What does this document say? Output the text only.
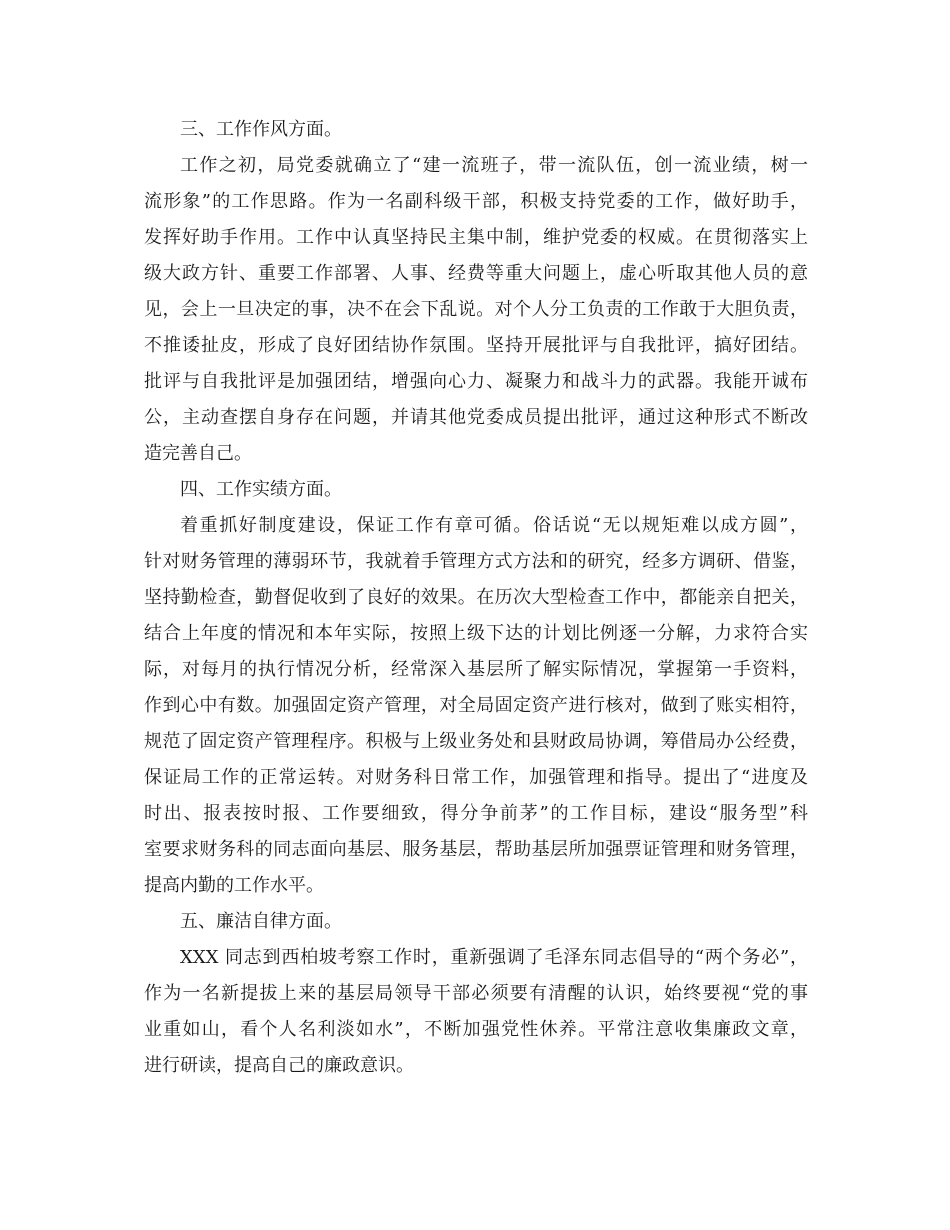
三、工作作风方面。

工作之初，局党委就确立了“建一流班子，带一流队伍，创一流业绩，树一
流形象”的工作思路。作为一名副科级干部，积极支持党委的工作，做好助手，
发挥好助手作用。工作中认真坚持民主集中制，维护党委的权威。在贯彻落实上
级大政方针、重要工作部署、人事、经费等重大问题上，虚心听取其他人员的意
见，会上一旦决定的事，决不在会下乱说。对个人分工负责的工作敢于大胆负责，
不推诿扯皮，形成了良好团结协作氛围。坚持开展批评与自我批评，搞好团结。
批评与自我批评是加强团结，增强向心力、凝聚力和战斗力的武器。我能开诚布
公，主动查摆自身存在问题，并请其他党委成员提出批评，通过这种形式不断改
造完善自己。

四、工作实绩方面。

着重抓好制度建设，保证工作有章可循。俗话说“无以规矩难以成方圆”，
针对财务管理的薄弱环节，我就着手管理方式方法和的研究，经多方调研、借鉴，
坚持勤检查，勤督促收到了良好的效果。在历次大型检查工作中，都能亲自把关，
结合上年度的情况和本年实际，按照上级下达的计划比例逐一分解，力求符合实
际，对每月的执行情况分析，经常深入基层所了解实际情况，掌握第一手资料，
作到心中有数。加强固定资产管理，对全局固定资产进行核对，做到了账实相符，
规范了固定资产管理程序。积极与上级业务处和县财政局协调，筹借局办公经费，
保证局工作的正常运转。对财务科日常工作，加强管理和指导。提出了“进度及
时出、报表按时报、工作要细致，得分争前茅”的工作目标，建设“服务型”科
室要求财务科的同志面向基层、服务基层，帮助基层所加强票证管理和财务管理，
提高内勤的工作水平。

五、廉洁自律方面。

XXX 同志到西柏坡考察工作时，重新强调了毛泽东同志倡导的“两个务必”，
作为一名新提拔上来的基层局领导干部必须要有清醒的认识，始终要视“党的事
业重如山，看个人名利淡如水”，不断加强党性休养。平常注意收集廉政文章，
进行研读，提高自己的廉政意识。
